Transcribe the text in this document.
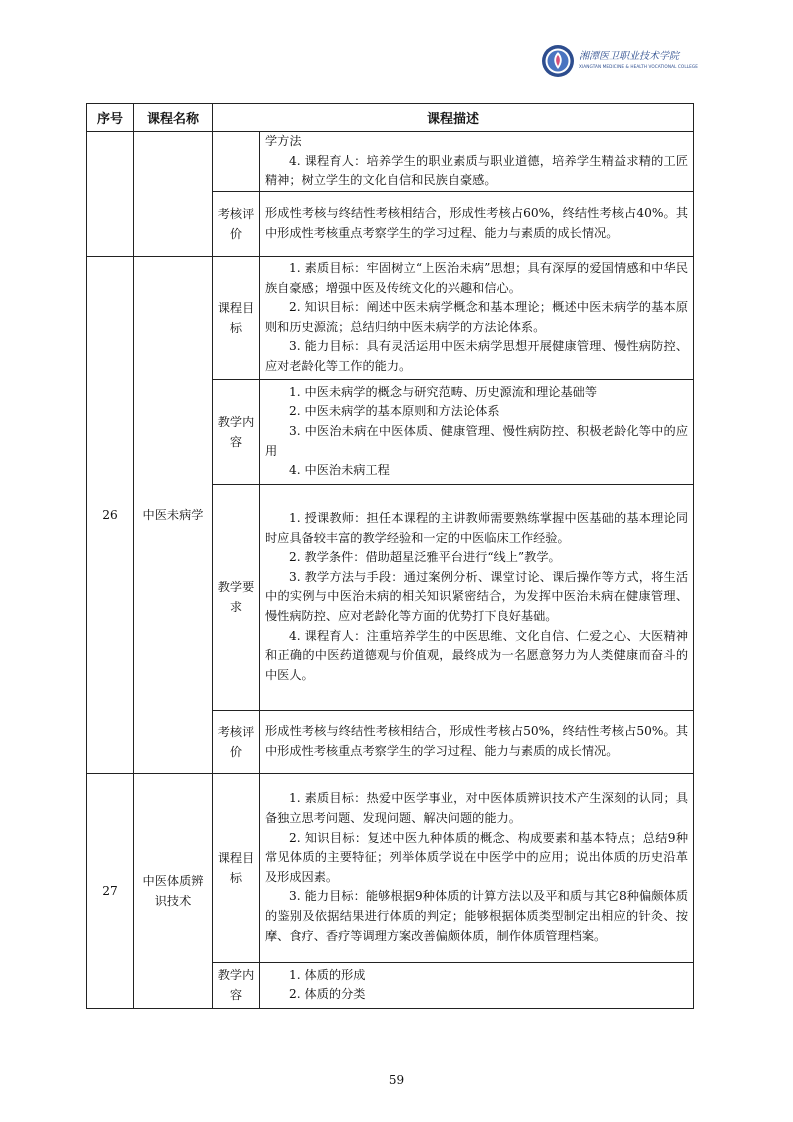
湘潭医卫职业技术学院
XIANGTAN MEDICINE & HEALTH VOCATIONAL COLLEGE
序号	课程名称	课程描述	

			学方法

4. 课程育人：培养学生的职业素质与职业道德，培养学生精益求精的工匠精神；树立学生的文化自信和民族自豪感。

		考核评价	形成性考核与终结性考核相结合，形成性考核占60%，终结性考核占40%。其中形成性考核重点考察学生的学习过程、能力与素质的成长情况。

26	中医未病学	课程目标	1. 素质目标：牢固树立“上医治未病”思想；具有深厚的爱国情感和中华民族自豪感；增强中医及传统文化的兴趣和信心。

2. 知识目标：阐述中医未病学概念和基本理论；概述中医未病学的基本原则和历史源流；总结归纳中医未病学的方法论体系。

3. 能力目标：具有灵活运用中医未病学思想开展健康管理、慢性病防控、应对老龄化等工作的能力。

		教学内容	1. 中医未病学的概念与研究范畴、历史源流和理论基础等

2. 中医未病学的基本原则和方法论体系

3. 中医治未病在中医体质、健康管理、慢性病防控、积极老龄化等中的应用

4. 中医治未病工程

		教学要求	1. 授课教师：担任本课程的主讲教师需要熟练掌握中医基础的基本理论同时应具备较丰富的教学经验和一定的中医临床工作经验。

2. 教学条件：借助超星泛雅平台进行“线上”教学。

3. 教学方法与手段：通过案例分析、课堂讨论、课后操作等方式，将生活中的实例与中医治未病的相关知识紧密结合，为发挥中医治未病在健康管理、慢性病防控、应对老龄化等方面的优势打下良好基础。

4. 课程育人：注重培养学生的中医思维、文化自信、仁爱之心、大医精神和正确的中医药道德观与价值观，最终成为一名愿意努力为人类健康而奋斗的中医人。

		考核评价	形成性考核与终结性考核相结合，形成性考核占50%，终结性考核占50%。其中形成性考核重点考察学生的学习过程、能力与素质的成长情况。

27	中医体质辨识技术	课程目标	1. 素质目标：热爱中医学事业，对中医体质辨识技术产生深刻的认同；具备独立思考问题、发现问题、解决问题的能力。

2. 知识目标：复述中医九种体质的概念、构成要素和基本特点；总结9种常见体质的主要特征；列举体质学说在中医学中的应用；说出体质的历史沿革及形成因素。

3. 能力目标：能够根据9种体质的计算方法以及平和质与其它8种偏颇体质的鉴别及依据结果进行体质的判定；能够根据体质类型制定出相应的针灸、按摩、食疗、香疗等调理方案改善偏颇体质，制作体质管理档案。

		教学内容	1. 体质的形成

2. 体质的分类

59
